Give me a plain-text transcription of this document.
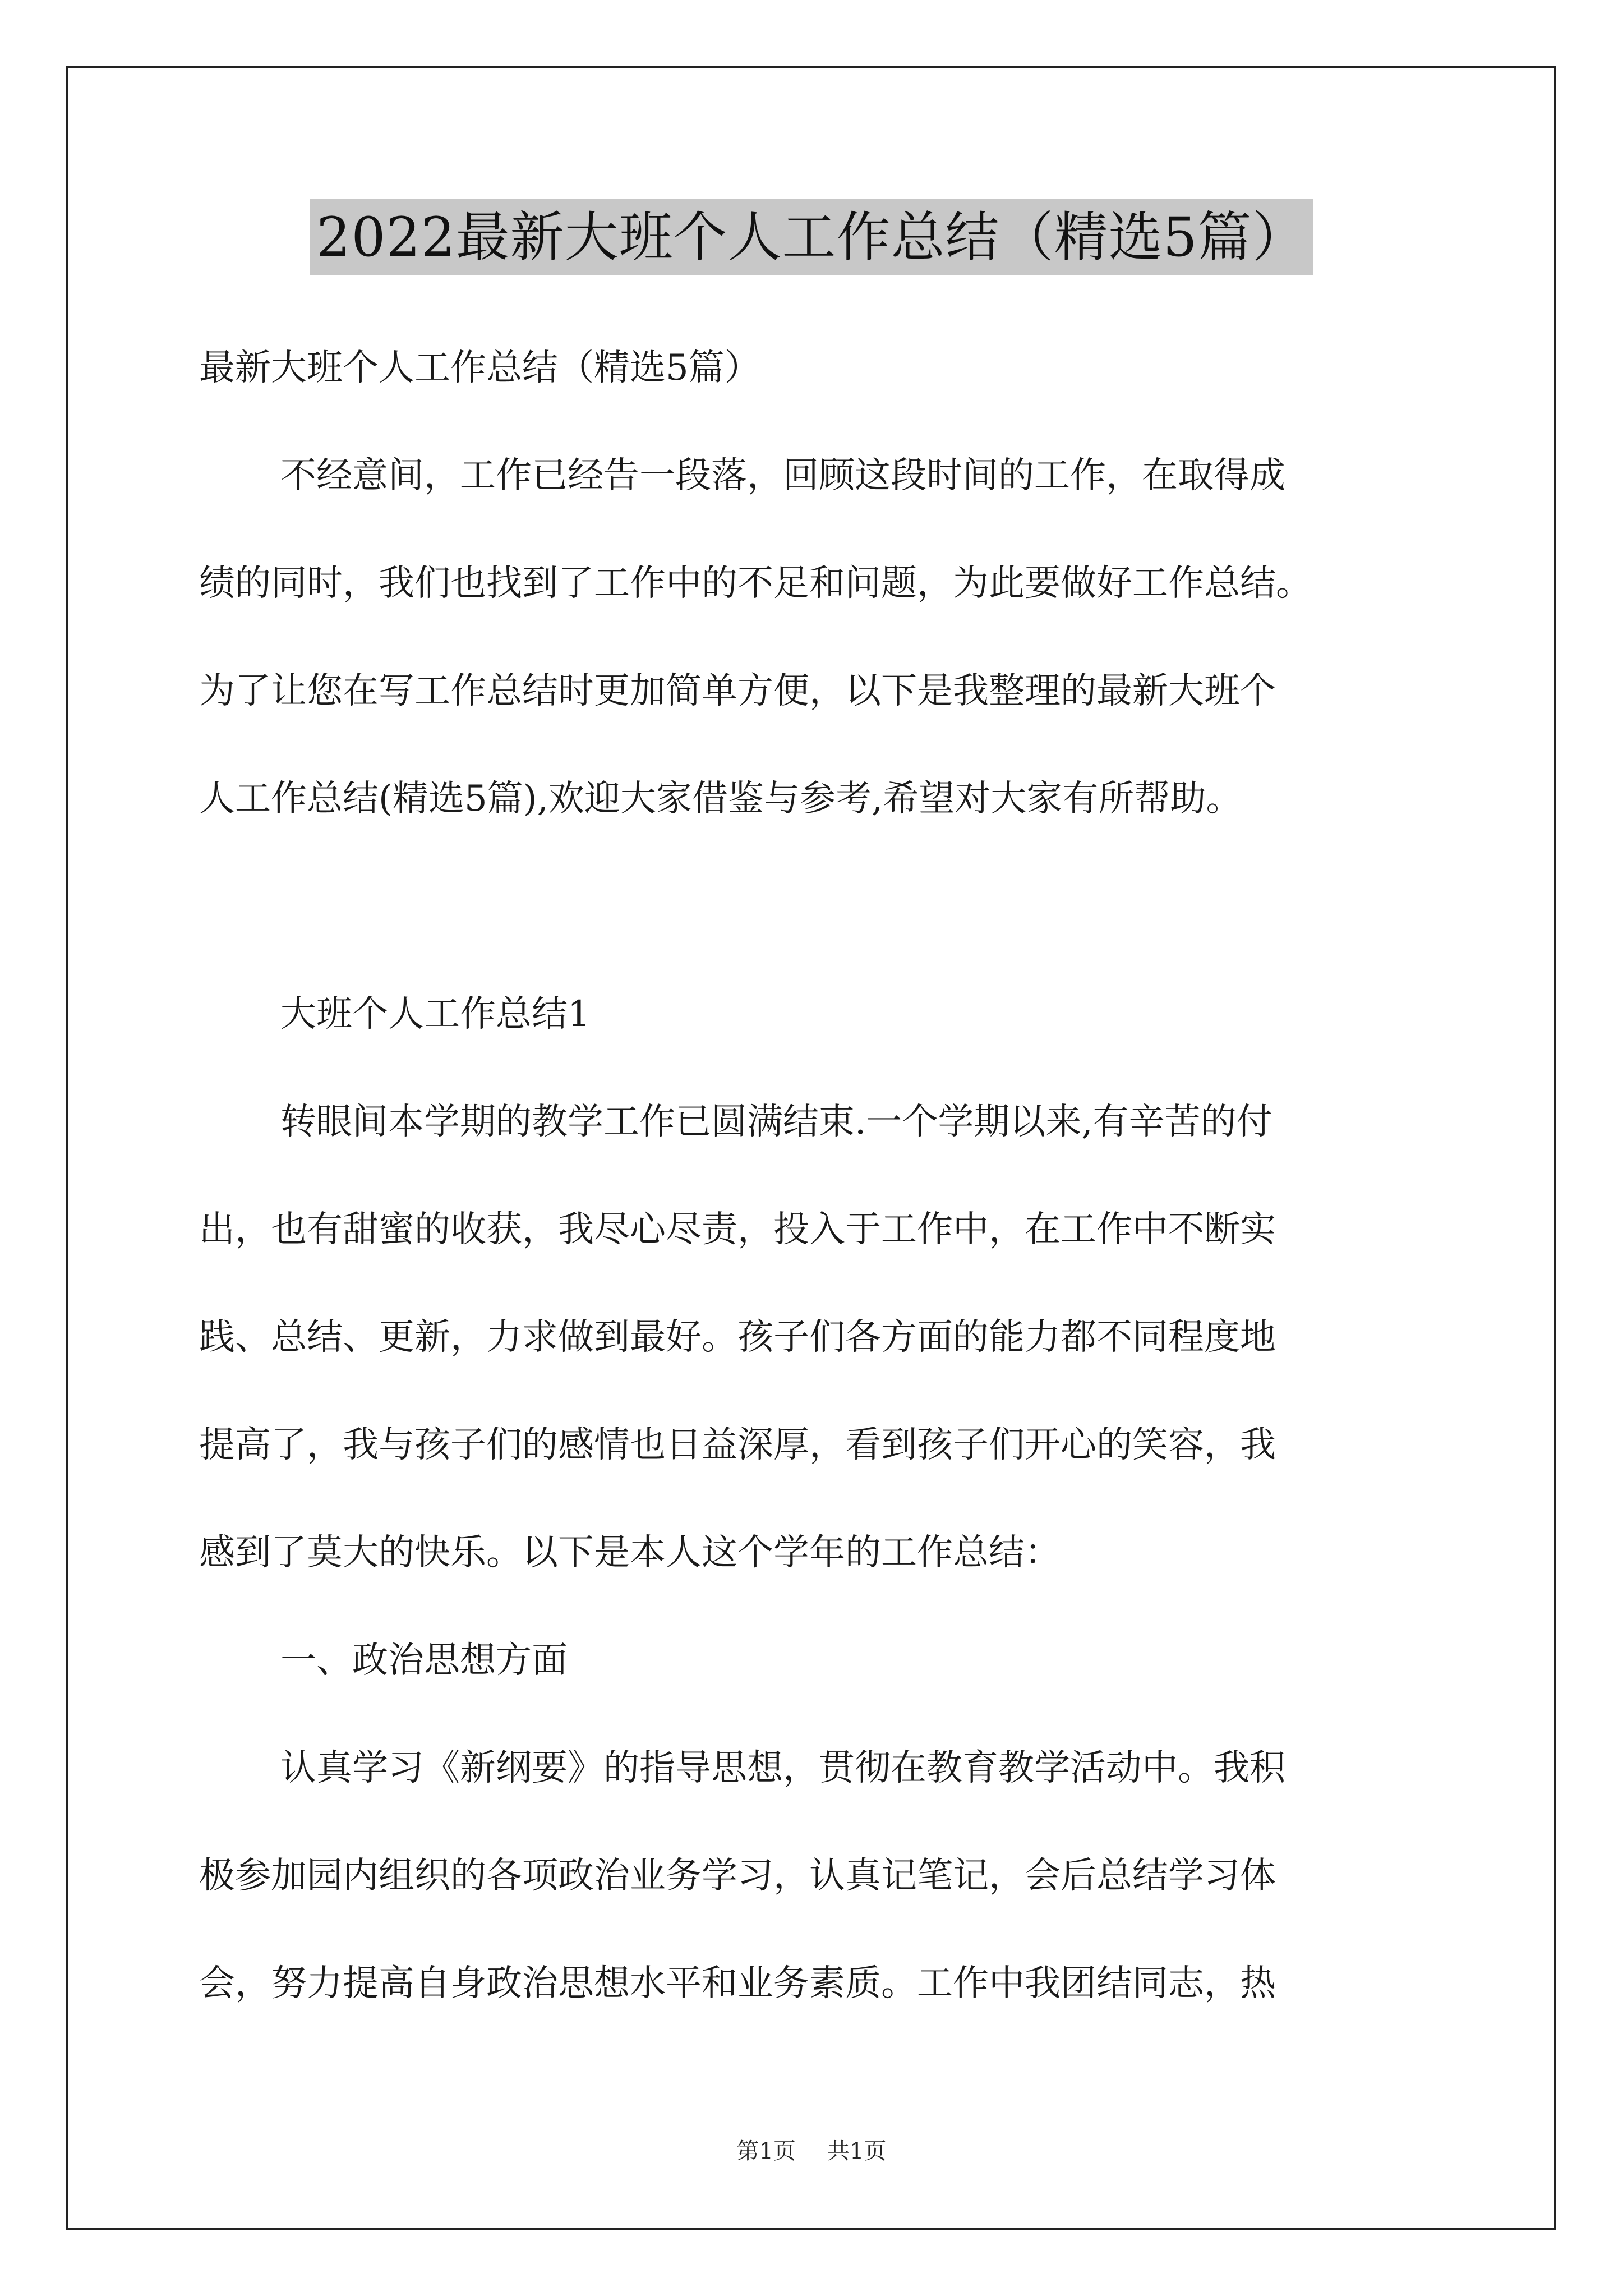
2022最新大班个人工作总结（精选5篇）
最新大班个人工作总结（精选5篇）
不经意间，工作已经告一段落，回顾这段时间的工作，在取得成
绩的同时，我们也找到了工作中的不足和问题，为此要做好工作总结。
为了让您在写工作总结时更加简单方便，以下是我整理的最新大班个
人工作总结(精选5篇),欢迎大家借鉴与参考,希望对大家有所帮助。
大班个人工作总结1
转眼间本学期的教学工作已圆满结束.一个学期以来,有辛苦的付
出，也有甜蜜的收获，我尽心尽责，投入于工作中，在工作中不断实
践、总结、更新，力求做到最好。孩子们各方面的能力都不同程度地
提高了，我与孩子们的感情也日益深厚，看到孩子们开心的笑容，我
感到了莫大的快乐。以下是本人这个学年的工作总结：
一、政治思想方面
认真学习《新纲要》的指导思想，贯彻在教育教学活动中。我积
极参加园内组织的各项政治业务学习，认真记笔记，会后总结学习体
会，努力提高自身政治思想水平和业务素质。工作中我团结同志，热
第1页 共1页
